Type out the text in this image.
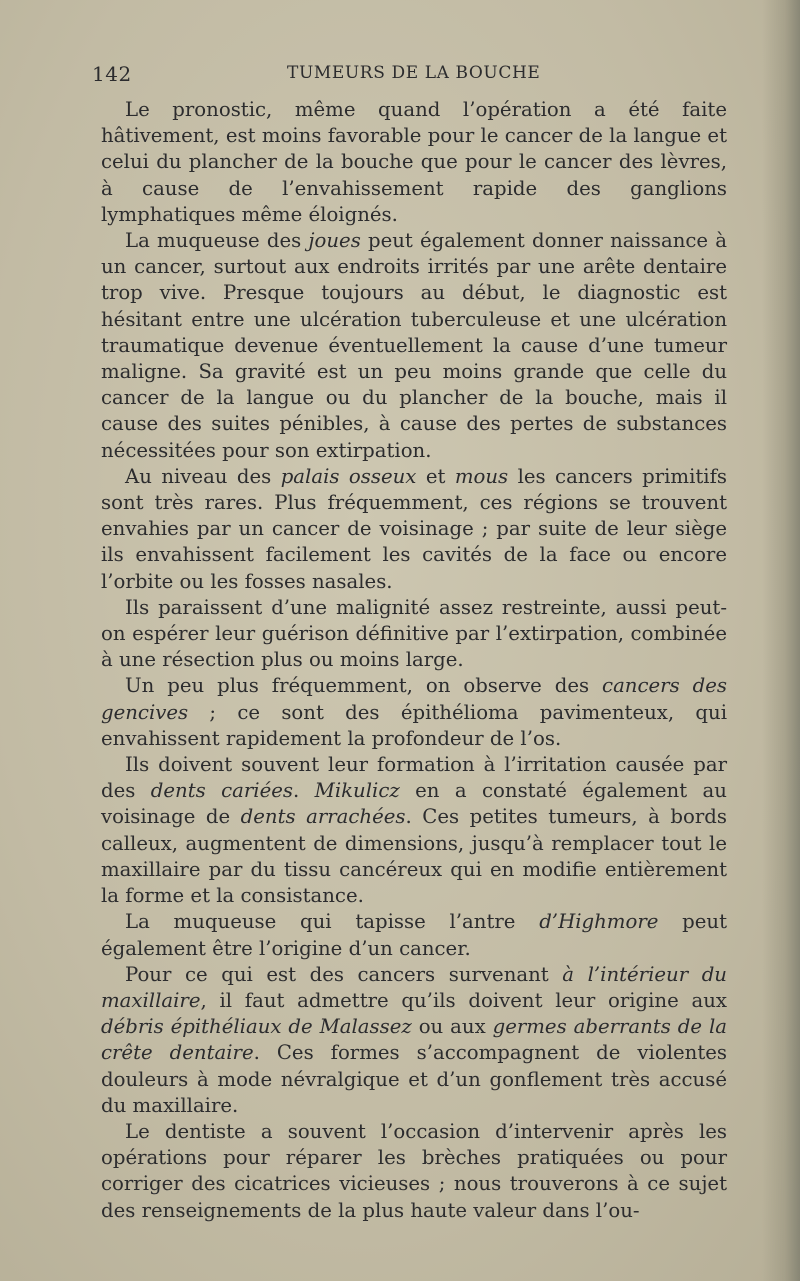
142	TUMEURS DE LA BOUCHE

Le pronostic, même quand l’opération a été faite hâtivement, est moins favorable pour le cancer de la langue et celui du plancher de la bouche que pour le cancer des lèvres, à cause de l’envahissement rapide des ganglions lymphatiques même éloignés.

La muqueuse des joues peut également donner naissance à un cancer, surtout aux endroits irrités par une arête dentaire trop vive. Presque toujours au début, le diagnostic est hésitant entre une ulcération tuberculeuse et une ulcération traumatique devenue éventuellement la cause d’une tumeur maligne. Sa gravité est un peu moins grande que celle du cancer de la langue ou du plancher de la bouche, mais il cause des suites pénibles, à cause des pertes de substances nécessitées pour son extirpation.

Au niveau des palais osseux et mous les cancers primitifs sont très rares. Plus fréquemment, ces régions se trouvent envahies par un cancer de voisinage ; par suite de leur siège ils envahissent facilement les cavités de la face ou encore l’orbite ou les fosses nasales.

Ils paraissent d’une malignité assez restreinte, aussi peut-on espérer leur guérison définitive par l’extirpation, combinée à une résection plus ou moins large.

Un peu plus fréquemment, on observe des cancers des gencives ; ce sont des épithélioma pavimenteux, qui envahissent rapidement la profondeur de l’os.

Ils doivent souvent leur formation à l’irritation causée par des dents cariées. Mikulicz en a constaté également au voisinage de dents arrachées. Ces petites tumeurs, à bords calleux, augmentent de dimensions, jusqu’à remplacer tout le maxillaire par du tissu cancéreux qui en modifie entièrement la forme et la consistance.

La muqueuse qui tapisse l’antre d’Highmore peut également être l’origine d’un cancer.

Pour ce qui est des cancers survenant à l’intérieur du maxillaire, il faut admettre qu’ils doivent leur origine aux débris épithéliaux de Malassez ou aux germes aberrants de la crête dentaire. Ces formes s’accompagnent de violentes douleurs à mode névralgique et d’un gonflement très accusé du maxillaire.

Le dentiste a souvent l’occasion d’intervenir après les opérations pour réparer les brèches pratiquées ou pour corriger des cicatrices vicieuses ; nous trouverons à ce sujet des renseignements de la plus haute valeur dans l’ou-
